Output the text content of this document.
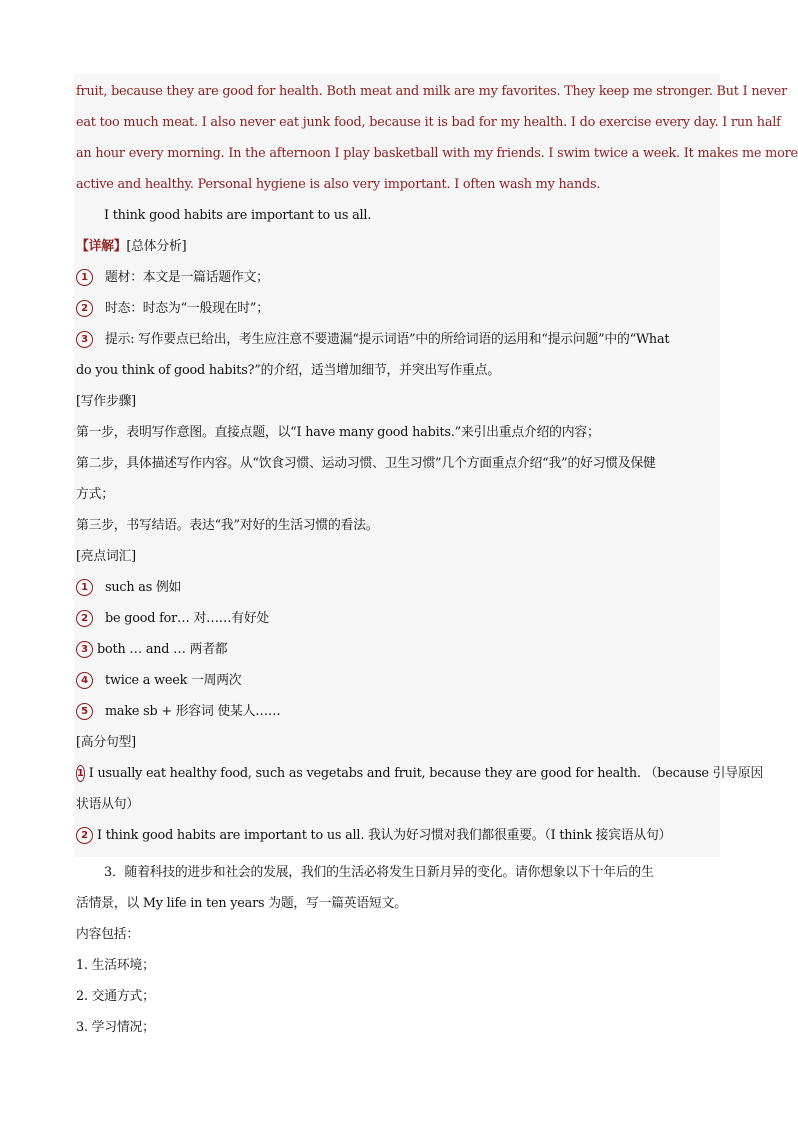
fruit, because they are good for health. Both meat and milk are my favorites. They keep me stronger. But I never
eat too much meat. I also never eat junk food, because it is bad for my health. I do exercise every day. I run half
an hour every morning. In the afternoon I play basketball with my friends. I swim twice a week. It makes me more
active and healthy. Personal hygiene is also very important. I often wash my hands.
I think good habits are important to us all.
【详解】[总体分析]
1	题材：本文是一篇话题作文；
2	时态：时态为“一般现在时”；
3	提示: 写作要点已给出，考生应注意不要遗漏“提示词语”中的所给词语的运用和“提示问题”中的“What
do you think of good habits?”的介绍，适当增加细节，并突出写作重点。
[写作步骤]
第一步，表明写作意图。直接点题，以“I have many good habits.”来引出重点介绍的内容；
第二步，具体描述写作内容。从“饮食习惯、运动习惯、卫生习惯”几个方面重点介绍“我”的好习惯及保健
方式；
第三步，书写结语。表达“我”对好的生活习惯的看法。
[亮点词汇]
1	such as 例如
2	be good for… 对……有好处
3 both … and … 两者都
4	twice a week 一周两次
5	make sb + 形容词 使某人……
[高分句型]
1 I usually eat healthy food, such as vegetabs and fruit, because they are good for health. （because 引导原因
状语从句）
2 I think good habits are important to us all. 我认为好习惯对我们都很重要。（I think 接宾语从句）
3．随着科技的进步和社会的发展，我们的生活必将发生日新月异的变化。请你想象以下十年后的生
活情景，以 My life in ten years 为题，写一篇英语短文。
内容包括：
1. 生活环境；
2. 交通方式；
3. 学习情况；
